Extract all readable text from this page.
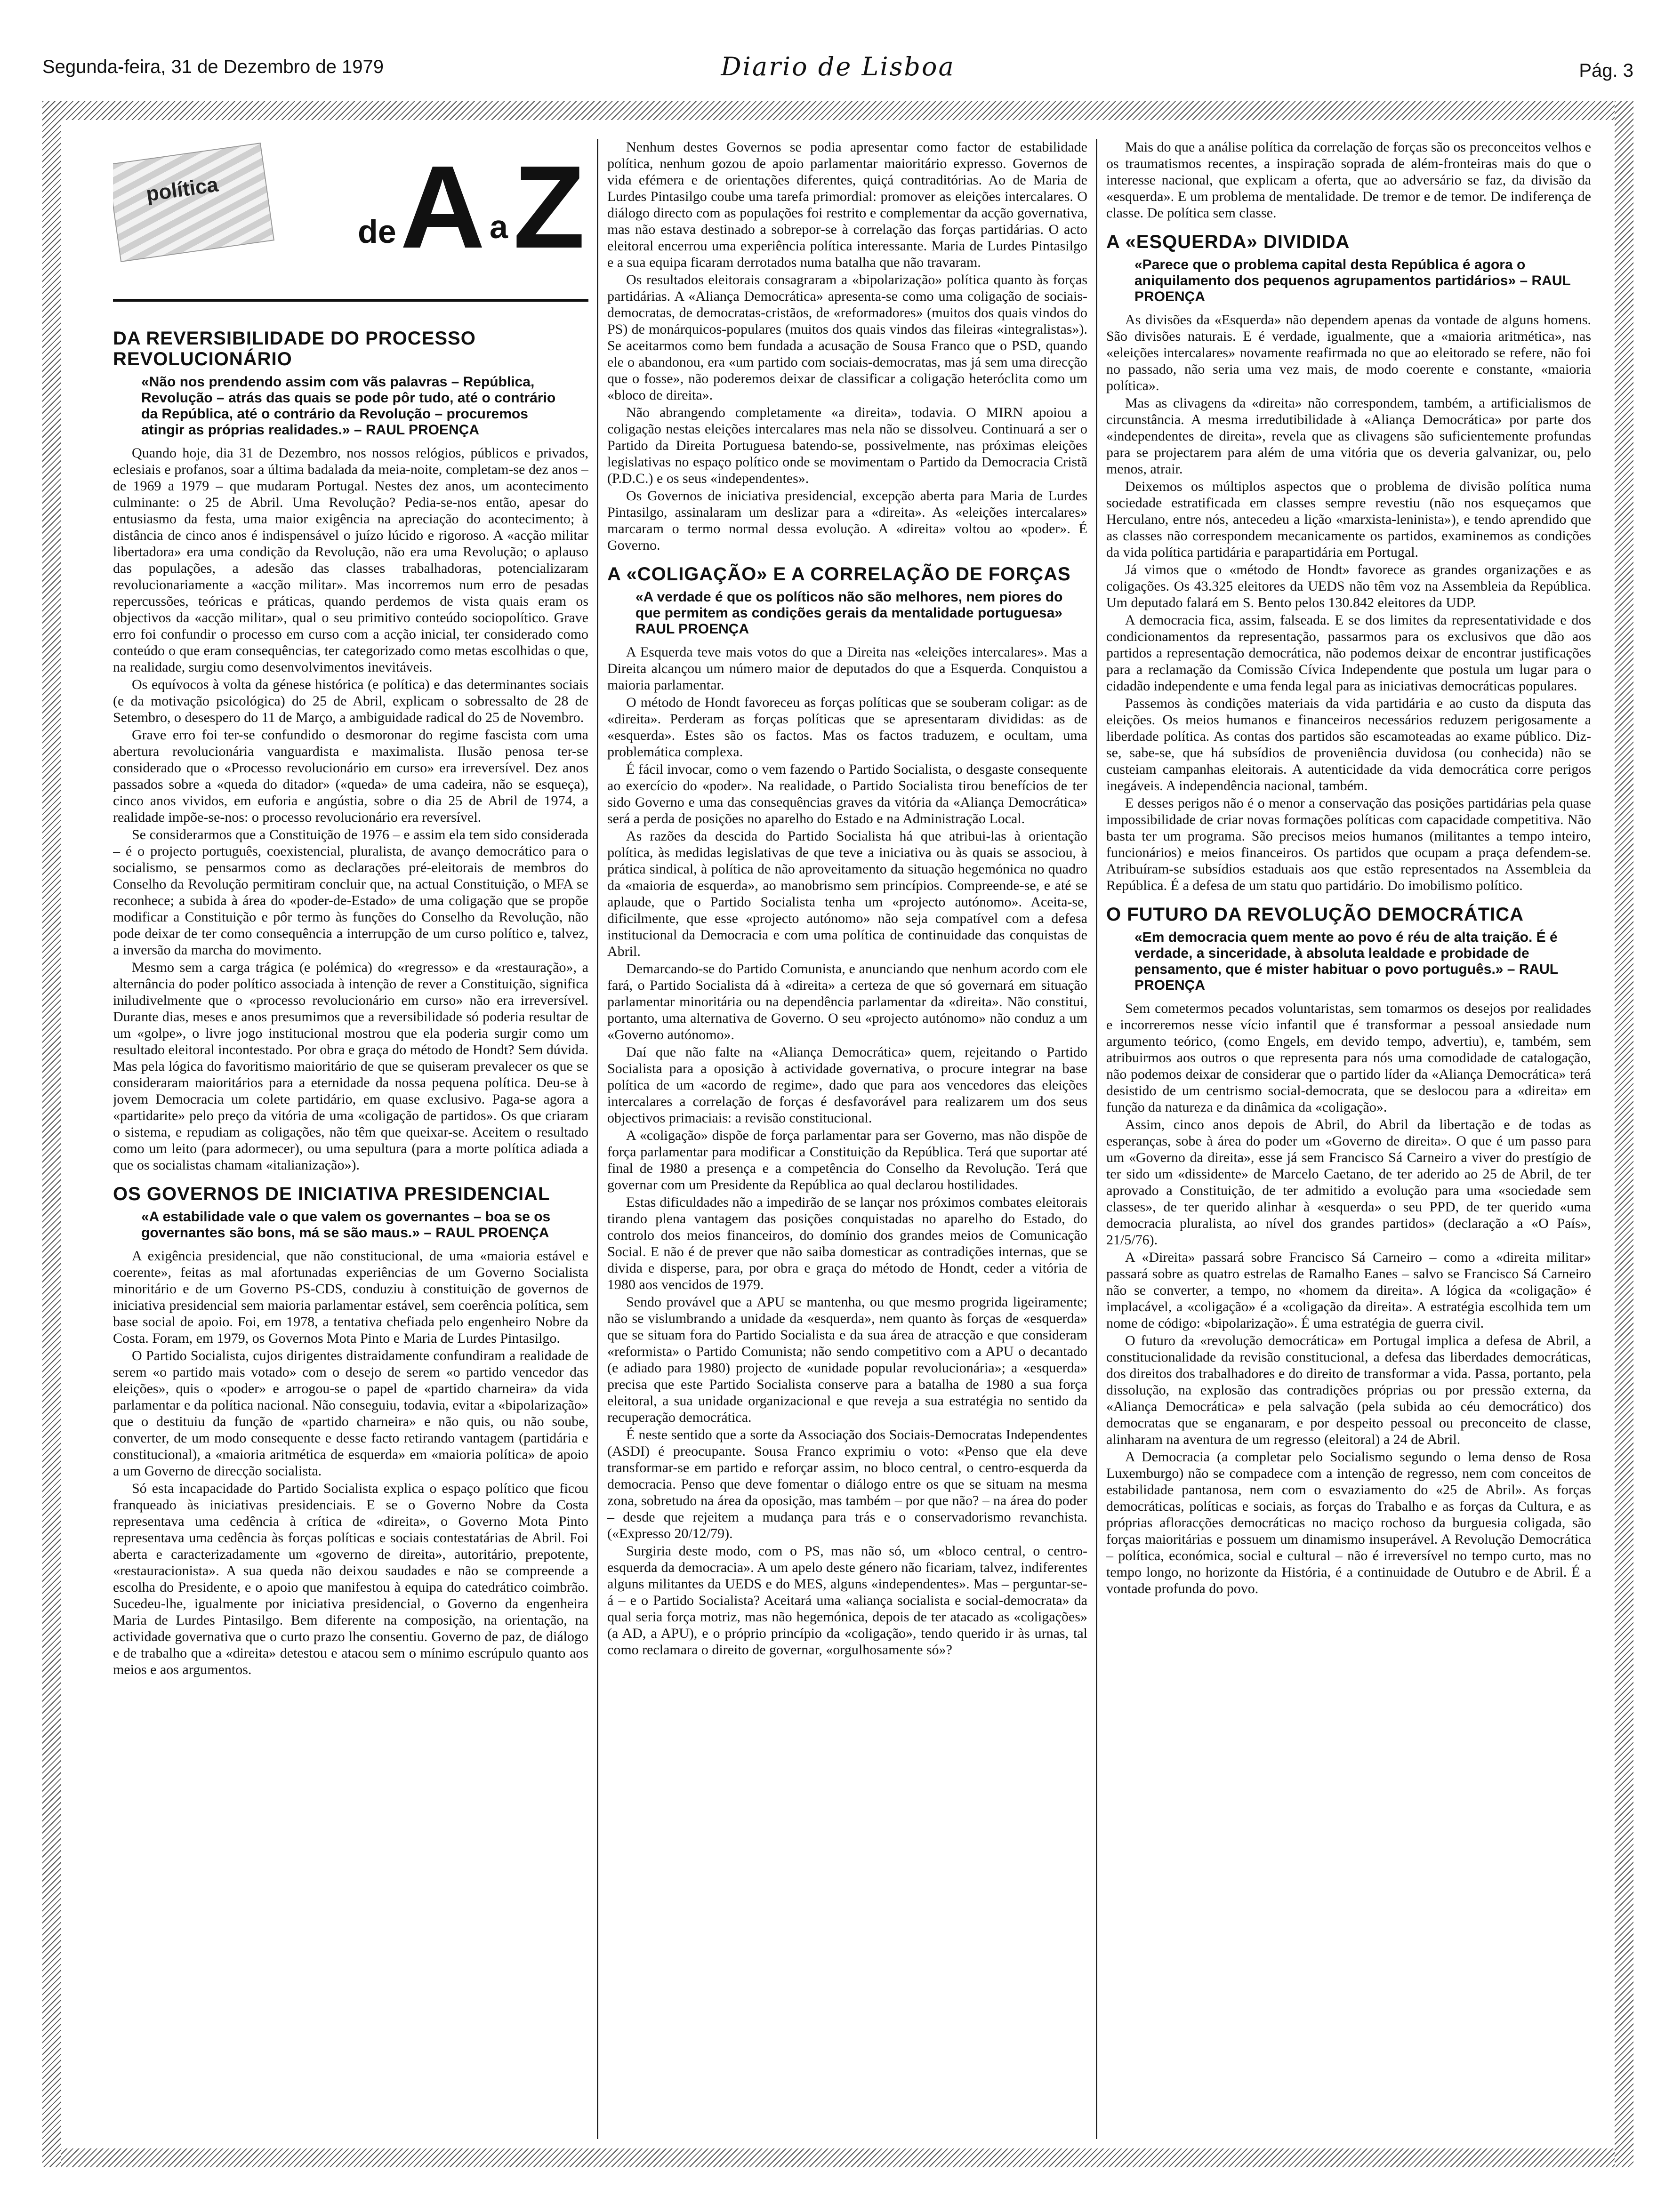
Segunda-feira, 31 de Dezembro de 1979	Diario de Lisboa	Pág. 3
política
de A a Z
DA REVERSIBILIDADE DO PROCESSO REVOLUCIONÁRIO
«Não nos prendendo assim com vãs palavras – República, Revolução – atrás das quais se pode pôr tudo, até o contrário da República, até o contrário da Revolução – procuremos atingir as próprias realidades.» – RAUL PROENÇA

Quando hoje, dia 31 de Dezembro, nos nossos relógios, públicos e privados, eclesiais e profanos, soar a última badalada da meia-noite, completam-se dez anos – de 1969 a 1979 – que mudaram Portugal. Nestes dez anos, um acontecimento culminante: o 25 de Abril. Uma Revolução? Pedia-se-nos então, apesar do entusiasmo da festa, uma maior exigência na apreciação do acontecimento; à distância de cinco anos é indispensável o juízo lúcido e rigoroso. A «acção militar libertadora» era uma condição da Revolução, não era uma Revolução; o aplauso das populações, a adesão das classes trabalhadoras, potencializaram revolucionariamente a «acção militar». Mas incorremos num erro de pesadas repercussões, teóricas e práticas, quando perdemos de vista quais eram os objectivos da «acção militar», qual o seu primitivo conteúdo sociopolítico. Grave erro foi confundir o processo em curso com a acção inicial, ter considerado como conteúdo o que eram consequências, ter categorizado como metas escolhidas o que, na realidade, surgiu como desenvolvimentos inevitáveis.

Os equívocos à volta da génese histórica (e política) e das determinantes sociais (e da motivação psicológica) do 25 de Abril, explicam o sobressalto de 28 de Setembro, o desespero do 11 de Março, a ambiguidade radical do 25 de Novembro.

Grave erro foi ter-se confundido o desmoronar do regime fascista com uma abertura revolucionária vanguardista e maximalista. Ilusão penosa ter-se considerado que o «Processo revolucionário em curso» era irreversível. Dez anos passados sobre a «queda do ditador» («queda» de uma cadeira, não se esqueça), cinco anos vividos, em euforia e angústia, sobre o dia 25 de Abril de 1974, a realidade impõe-se-nos: o processo revolucionário era reversível.

Se considerarmos que a Constituição de 1976 – e assim ela tem sido considerada – é o projecto português, coexistencial, pluralista, de avanço democrático para o socialismo, se pensarmos como as declarações pré-eleitorais de membros do Conselho da Revolução permitiram concluir que, na actual Constituição, o MFA se reconhece; a subida à área do «poder-de-Estado» de uma coligação que se propõe modificar a Constituição e pôr termo às funções do Conselho da Revolução, não pode deixar de ter como consequência a interrupção de um curso político e, talvez, a inversão da marcha do movimento.

Mesmo sem a carga trágica (e polémica) do «regresso» e da «restauração», a alternância do poder político associada à intenção de rever a Constituição, significa iniludivelmente que o «processo revolucionário em curso» não era irreversível. Durante dias, meses e anos presumimos que a reversibilidade só poderia resultar de um «golpe», o livre jogo institucional mostrou que ela poderia surgir como um resultado eleitoral incontestado. Por obra e graça do método de Hondt? Sem dúvida. Mas pela lógica do favoritismo maioritário de que se quiseram prevalecer os que se consideraram maioritários para a eternidade da nossa pequena política. Deu-se à jovem Democracia um colete partidário, em quase exclusivo. Paga-se agora a «partidarite» pelo preço da vitória de uma «coligação de partidos». Os que criaram o sistema, e repudiam as coligações, não têm que queixar-se. Aceitem o resultado como um leito (para adormecer), ou uma sepultura (para a morte política adiada a que os socialistas chamam «italianização»).

OS GOVERNOS DE INICIATIVA PRESIDENCIAL
«A estabilidade vale o que valem os governantes – boa se os governantes são bons, má se são maus.» – RAUL PROENÇA

A exigência presidencial, que não constitucional, de uma «maioria estável e coerente», feitas as mal afortunadas experiências de um Governo Socialista minoritário e de um Governo PS-CDS, conduziu à constituição de governos de iniciativa presidencial sem maioria parlamentar estável, sem coerência política, sem base social de apoio. Foi, em 1978, a tentativa chefiada pelo engenheiro Nobre da Costa. Foram, em 1979, os Governos Mota Pinto e Maria de Lurdes Pintasilgo.

O Partido Socialista, cujos dirigentes distraidamente confundiram a realidade de serem «o partido mais votado» com o desejo de serem «o partido vencedor das eleições», quis o «poder» e arrogou-se o papel de «partido charneira» da vida parlamentar e da política nacional. Não conseguiu, todavia, evitar a «bipolarização» que o destituiu da função de «partido charneira» e não quis, ou não soube, converter, de um modo consequente e desse facto retirando vantagem (partidária e constitucional), a «maioria aritmética de esquerda» em «maioria política» de apoio a um Governo de direcção socialista.

Só esta incapacidade do Partido Socialista explica o espaço político que ficou franqueado às iniciativas presidenciais. E se o Governo Nobre da Costa representava uma cedência à crítica de «direita», o Governo Mota Pinto representava uma cedência às forças políticas e sociais contestatárias de Abril. Foi aberta e caracterizadamente um «governo de direita», autoritário, prepotente, «restauracionista». A sua queda não deixou saudades e não se compreende a escolha do Presidente, e o apoio que manifestou à equipa do catedrático coimbrão. Sucedeu-lhe, igualmente por iniciativa presidencial, o Governo da engenheira Maria de Lurdes Pintasilgo. Bem diferente na composição, na orientação, na actividade governativa que o curto prazo lhe consentiu. Governo de paz, de diálogo e de trabalho que a «direita» detestou e atacou sem o mínimo escrúpulo quanto aos meios e aos argumentos.

Nenhum destes Governos se podia apresentar como factor de estabilidade política, nenhum gozou de apoio parlamentar maioritário expresso. Governos de vida efémera e de orientações diferentes, quiçá contraditórias. Ao de Maria de Lurdes Pintasilgo coube uma tarefa primordial: promover as eleições intercalares. O diálogo directo com as populações foi restrito e complementar da acção governativa, mas não estava destinado a sobrepor-se à correlação das forças partidárias. O acto eleitoral encerrou uma experiência política interessante. Maria de Lurdes Pintasilgo e a sua equipa ficaram derrotados numa batalha que não travaram.

Os resultados eleitorais consagraram a «bipolarização» política quanto às forças partidárias. A «Aliança Democrática» apresenta-se como uma coligação de sociais-democratas, de democratas-cristãos, de «reformadores» (muitos dos quais vindos do PS) de monárquicos-populares (muitos dos quais vindos das fileiras «integralistas»). Se aceitarmos como bem fundada a acusação de Sousa Franco que o PSD, quando ele o abandonou, era «um partido com sociais-democratas, mas já sem uma direcção que o fosse», não poderemos deixar de classificar a coligação heteróclita como um «bloco de direita».

Não abrangendo completamente «a direita», todavia. O MIRN apoiou a coligação nestas eleições intercalares mas nela não se dissolveu. Continuará a ser o Partido da Direita Portuguesa batendo-se, possivelmente, nas próximas eleições legislativas no espaço político onde se movimentam o Partido da Democracia Cristã (P.D.C.) e os seus «independentes».

Os Governos de iniciativa presidencial, excepção aberta para Maria de Lurdes Pintasilgo, assinalaram um deslizar para a «direita». As «eleições intercalares» marcaram o termo normal dessa evolução. A «direita» voltou ao «poder». É Governo.

A «COLIGAÇÃO» E A CORRELAÇÃO DE FORÇAS
«A verdade é que os políticos não são melhores, nem piores do que permitem as condições gerais da mentalidade portuguesa» RAUL PROENÇA

A Esquerda teve mais votos do que a Direita nas «eleições intercalares». Mas a Direita alcançou um número maior de deputados do que a Esquerda. Conquistou a maioria parlamentar.

O método de Hondt favoreceu as forças políticas que se souberam coligar: as de «direita». Perderam as forças políticas que se apresentaram divididas: as de «esquerda». Estes são os factos. Mas os factos traduzem, e ocultam, uma problemática complexa.

É fácil invocar, como o vem fazendo o Partido Socialista, o desgaste consequente ao exercício do «poder». Na realidade, o Partido Socialista tirou benefícios de ter sido Governo e uma das consequências graves da vitória da «Aliança Democrática» será a perda de posições no aparelho do Estado e na Administração Local.

As razões da descida do Partido Socialista há que atribui-las à orientação política, às medidas legislativas de que teve a iniciativa ou às quais se associou, à prática sindical, à política de não aproveitamento da situação hegemónica no quadro da «maioria de esquerda», ao manobrismo sem princípios. Compreende-se, e até se aplaude, que o Partido Socialista tenha um «projecto autónomo». Aceita-se, dificilmente, que esse «projecto autónomo» não seja compatível com a defesa institucional da Democracia e com uma política de continuidade das conquistas de Abril.

Demarcando-se do Partido Comunista, e anunciando que nenhum acordo com ele fará, o Partido Socialista dá à «direita» a certeza de que só governará em situação parlamentar minoritária ou na dependência parlamentar da «direita». Não constitui, portanto, uma alternativa de Governo. O seu «projecto autónomo» não conduz a um «Governo autónomo».

Daí que não falte na «Aliança Democrática» quem, rejeitando o Partido Socialista para a oposição à actividade governativa, o procure integrar na base política de um «acordo de regime», dado que para aos vencedores das eleições intercalares a correlação de forças é desfavorável para realizarem um dos seus objectivos primaciais: a revisão constitucional.

A «coligação» dispõe de força parlamentar para ser Governo, mas não dispõe de força parlamentar para modificar a Constituição da República. Terá que suportar até final de 1980 a presença e a competência do Conselho da Revolução. Terá que governar com um Presidente da República ao qual declarou hostilidades.

Estas dificuldades não a impedirão de se lançar nos próximos combates eleitorais tirando plena vantagem das posições conquistadas no aparelho do Estado, do controlo dos meios financeiros, do domínio dos grandes meios de Comunicação Social. E não é de prever que não saiba domesticar as contradições internas, que se divida e disperse, para, por obra e graça do método de Hondt, ceder a vitória de 1980 aos vencidos de 1979.

Sendo provável que a APU se mantenha, ou que mesmo progrida ligeiramente; não se vislumbrando a unidade da «esquerda», nem quanto às forças de «esquerda» que se situam fora do Partido Socialista e da sua área de atracção e que consideram «reformista» o Partido Comunista; não sendo competitivo com a APU o decantado (e adiado para 1980) projecto de «unidade popular revolucionária»; a «esquerda» precisa que este Partido Socialista conserve para a batalha de 1980 a sua força eleitoral, a sua unidade organizacional e que reveja a sua estratégia no sentido da recuperação democrática.

É neste sentido que a sorte da Associação dos Sociais-Democratas Independentes (ASDI) é preocupante. Sousa Franco exprimiu o voto: «Penso que ela deve transformar-se em partido e reforçar assim, no bloco central, o centro-esquerda da democracia. Penso que deve fomentar o diálogo entre os que se situam na mesma zona, sobretudo na área da oposição, mas também – por que não? – na área do poder – desde que rejeitem a mudança para trás e o conservadorismo revanchista. («Expresso 20/12/79).

Surgiria deste modo, com o PS, mas não só, um «bloco central, o centro-esquerda da democracia». A um apelo deste género não ficariam, talvez, indiferentes alguns militantes da UEDS e do MES, alguns «independentes». Mas – perguntar-se-á – e o Partido Socialista? Aceitará uma «aliança socialista e social-democrata» da qual seria força motriz, mas não hegemónica, depois de ter atacado as «coligações» (a AD, a APU), e o próprio princípio da «coligação», tendo querido ir às urnas, tal como reclamara o direito de governar, «orgulhosamente só»?

Mais do que a análise política da correlação de forças são os preconceitos velhos e os traumatismos recentes, a inspiração soprada de além-fronteiras mais do que o interesse nacional, que explicam a oferta, que ao adversário se faz, da divisão da «esquerda». E um problema de mentalidade. De tremor e de temor. De indiferença de classe. De política sem classe.

A «ESQUERDA» DIVIDIDA
«Parece que o problema capital desta República é agora o aniquilamento dos pequenos agrupamentos partidários» – RAUL PROENÇA

As divisões da «Esquerda» não dependem apenas da vontade de alguns homens. São divisões naturais. E é verdade, igualmente, que a «maioria aritmética», nas «eleições intercalares» novamente reafirmada no que ao eleitorado se refere, não foi no passado, não seria uma vez mais, de modo coerente e constante, «maioria política».

Mas as clivagens da «direita» não correspondem, também, a artificialismos de circunstância. A mesma irredutibilidade à «Aliança Democrática» por parte dos «independentes de direita», revela que as clivagens são suficientemente profundas para se projectarem para além de uma vitória que os deveria galvanizar, ou, pelo menos, atrair.

Deixemos os múltiplos aspectos que o problema de divisão política numa sociedade estratificada em classes sempre revestiu (não nos esqueçamos que Herculano, entre nós, antecedeu a lição «marxista-leninista»), e tendo aprendido que as classes não correspondem mecanicamente os partidos, examinemos as condições da vida política partidária e parapartidária em Portugal.

Já vimos que o «método de Hondt» favorece as grandes organizações e as coligações. Os 43.325 eleitores da UEDS não têm voz na Assembleia da República. Um deputado falará em S. Bento pelos 130.842 eleitores da UDP.

A democracia fica, assim, falseada. E se dos limites da representatividade e dos condicionamentos da representação, passarmos para os exclusivos que dão aos partidos a representação democrática, não podemos deixar de encontrar justificações para a reclamação da Comissão Cívica Independente que postula um lugar para o cidadão independente e uma fenda legal para as iniciativas democráticas populares.

Passemos às condições materiais da vida partidária e ao custo da disputa das eleições. Os meios humanos e financeiros necessários reduzem perigosamente a liberdade política. As contas dos partidos são escamoteadas ao exame público. Diz-se, sabe-se, que há subsídios de proveniência duvidosa (ou conhecida) não se custeiam campanhas eleitorais. A autenticidade da vida democrática corre perigos inegáveis. A independência nacional, também.

E desses perigos não é o menor a conservação das posições partidárias pela quase impossibilidade de criar novas formações políticas com capacidade competitiva. Não basta ter um programa. São precisos meios humanos (militantes a tempo inteiro, funcionários) e meios financeiros. Os partidos que ocupam a praça defendem-se. Atribuíram-se subsídios estaduais aos que estão representados na Assembleia da República. É a defesa de um statu quo partidário. Do imobilismo político.

O FUTURO DA REVOLUÇÃO DEMOCRÁTICA
«Em democracia quem mente ao povo é réu de alta traição. É é verdade, a sinceridade, à absoluta lealdade e probidade de pensamento, que é mister habituar o povo português.» – RAUL PROENÇA

Sem cometermos pecados voluntaristas, sem tomarmos os desejos por realidades e incorreremos nesse vício infantil que é transformar a pessoal ansiedade num argumento teórico, (como Engels, em devido tempo, advertiu), e, também, sem atribuirmos aos outros o que representa para nós uma comodidade de catalogação, não podemos deixar de considerar que o partido líder da «Aliança Democrática» terá desistido de um centrismo social-democrata, que se deslocou para a «direita» em função da natureza e da dinâmica da «coligação».

Assim, cinco anos depois de Abril, do Abril da libertação e de todas as esperanças, sobe à área do poder um «Governo de direita». O que é um passo para um «Governo da direita», esse já sem Francisco Sá Carneiro a viver do prestígio de ter sido um «dissidente» de Marcelo Caetano, de ter aderido ao 25 de Abril, de ter aprovado a Constituição, de ter admitido a evolução para uma «sociedade sem classes», de ter querido alinhar à «esquerda» o seu PPD, de ter querido «uma democracia pluralista, ao nível dos grandes partidos» (declaração a «O País», 21/5/76).

A «Direita» passará sobre Francisco Sá Carneiro – como a «direita militar» passará sobre as quatro estrelas de Ramalho Eanes – salvo se Francisco Sá Carneiro não se converter, a tempo, no «homem da direita». A lógica da «coligação» é implacável, a «coligação» é a «coligação da direita». A estratégia escolhida tem um nome de código: «bipolarização». É uma estratégia de guerra civil.

O futuro da «revolução democrática» em Portugal implica a defesa de Abril, a constitucionalidade da revisão constitucional, a defesa das liberdades democráticas, dos direitos dos trabalhadores e do direito de transformar a vida. Passa, portanto, pela dissolução, na explosão das contradições próprias ou por pressão externa, da «Aliança Democrática» e pela salvação (pela subida ao céu democrático) dos democratas que se enganaram, e por despeito pessoal ou preconceito de classe, alinharam na aventura de um regresso (eleitoral) a 24 de Abril.

A Democracia (a completar pelo Socialismo segundo o lema denso de Rosa Luxemburgo) não se compadece com a intenção de regresso, nem com conceitos de estabilidade pantanosa, nem com o esvaziamento do «25 de Abril». As forças democráticas, políticas e sociais, as forças do Trabalho e as forças da Cultura, e as próprias afloracções democráticas no maciço rochoso da burguesia coligada, são forças maioritárias e possuem um dinamismo insuperável. A Revolução Democrática – política, económica, social e cultural – não é irreversível no tempo curto, mas no tempo longo, no horizonte da História, é a continuidade de Outubro e de Abril. É a vontade profunda do povo.
